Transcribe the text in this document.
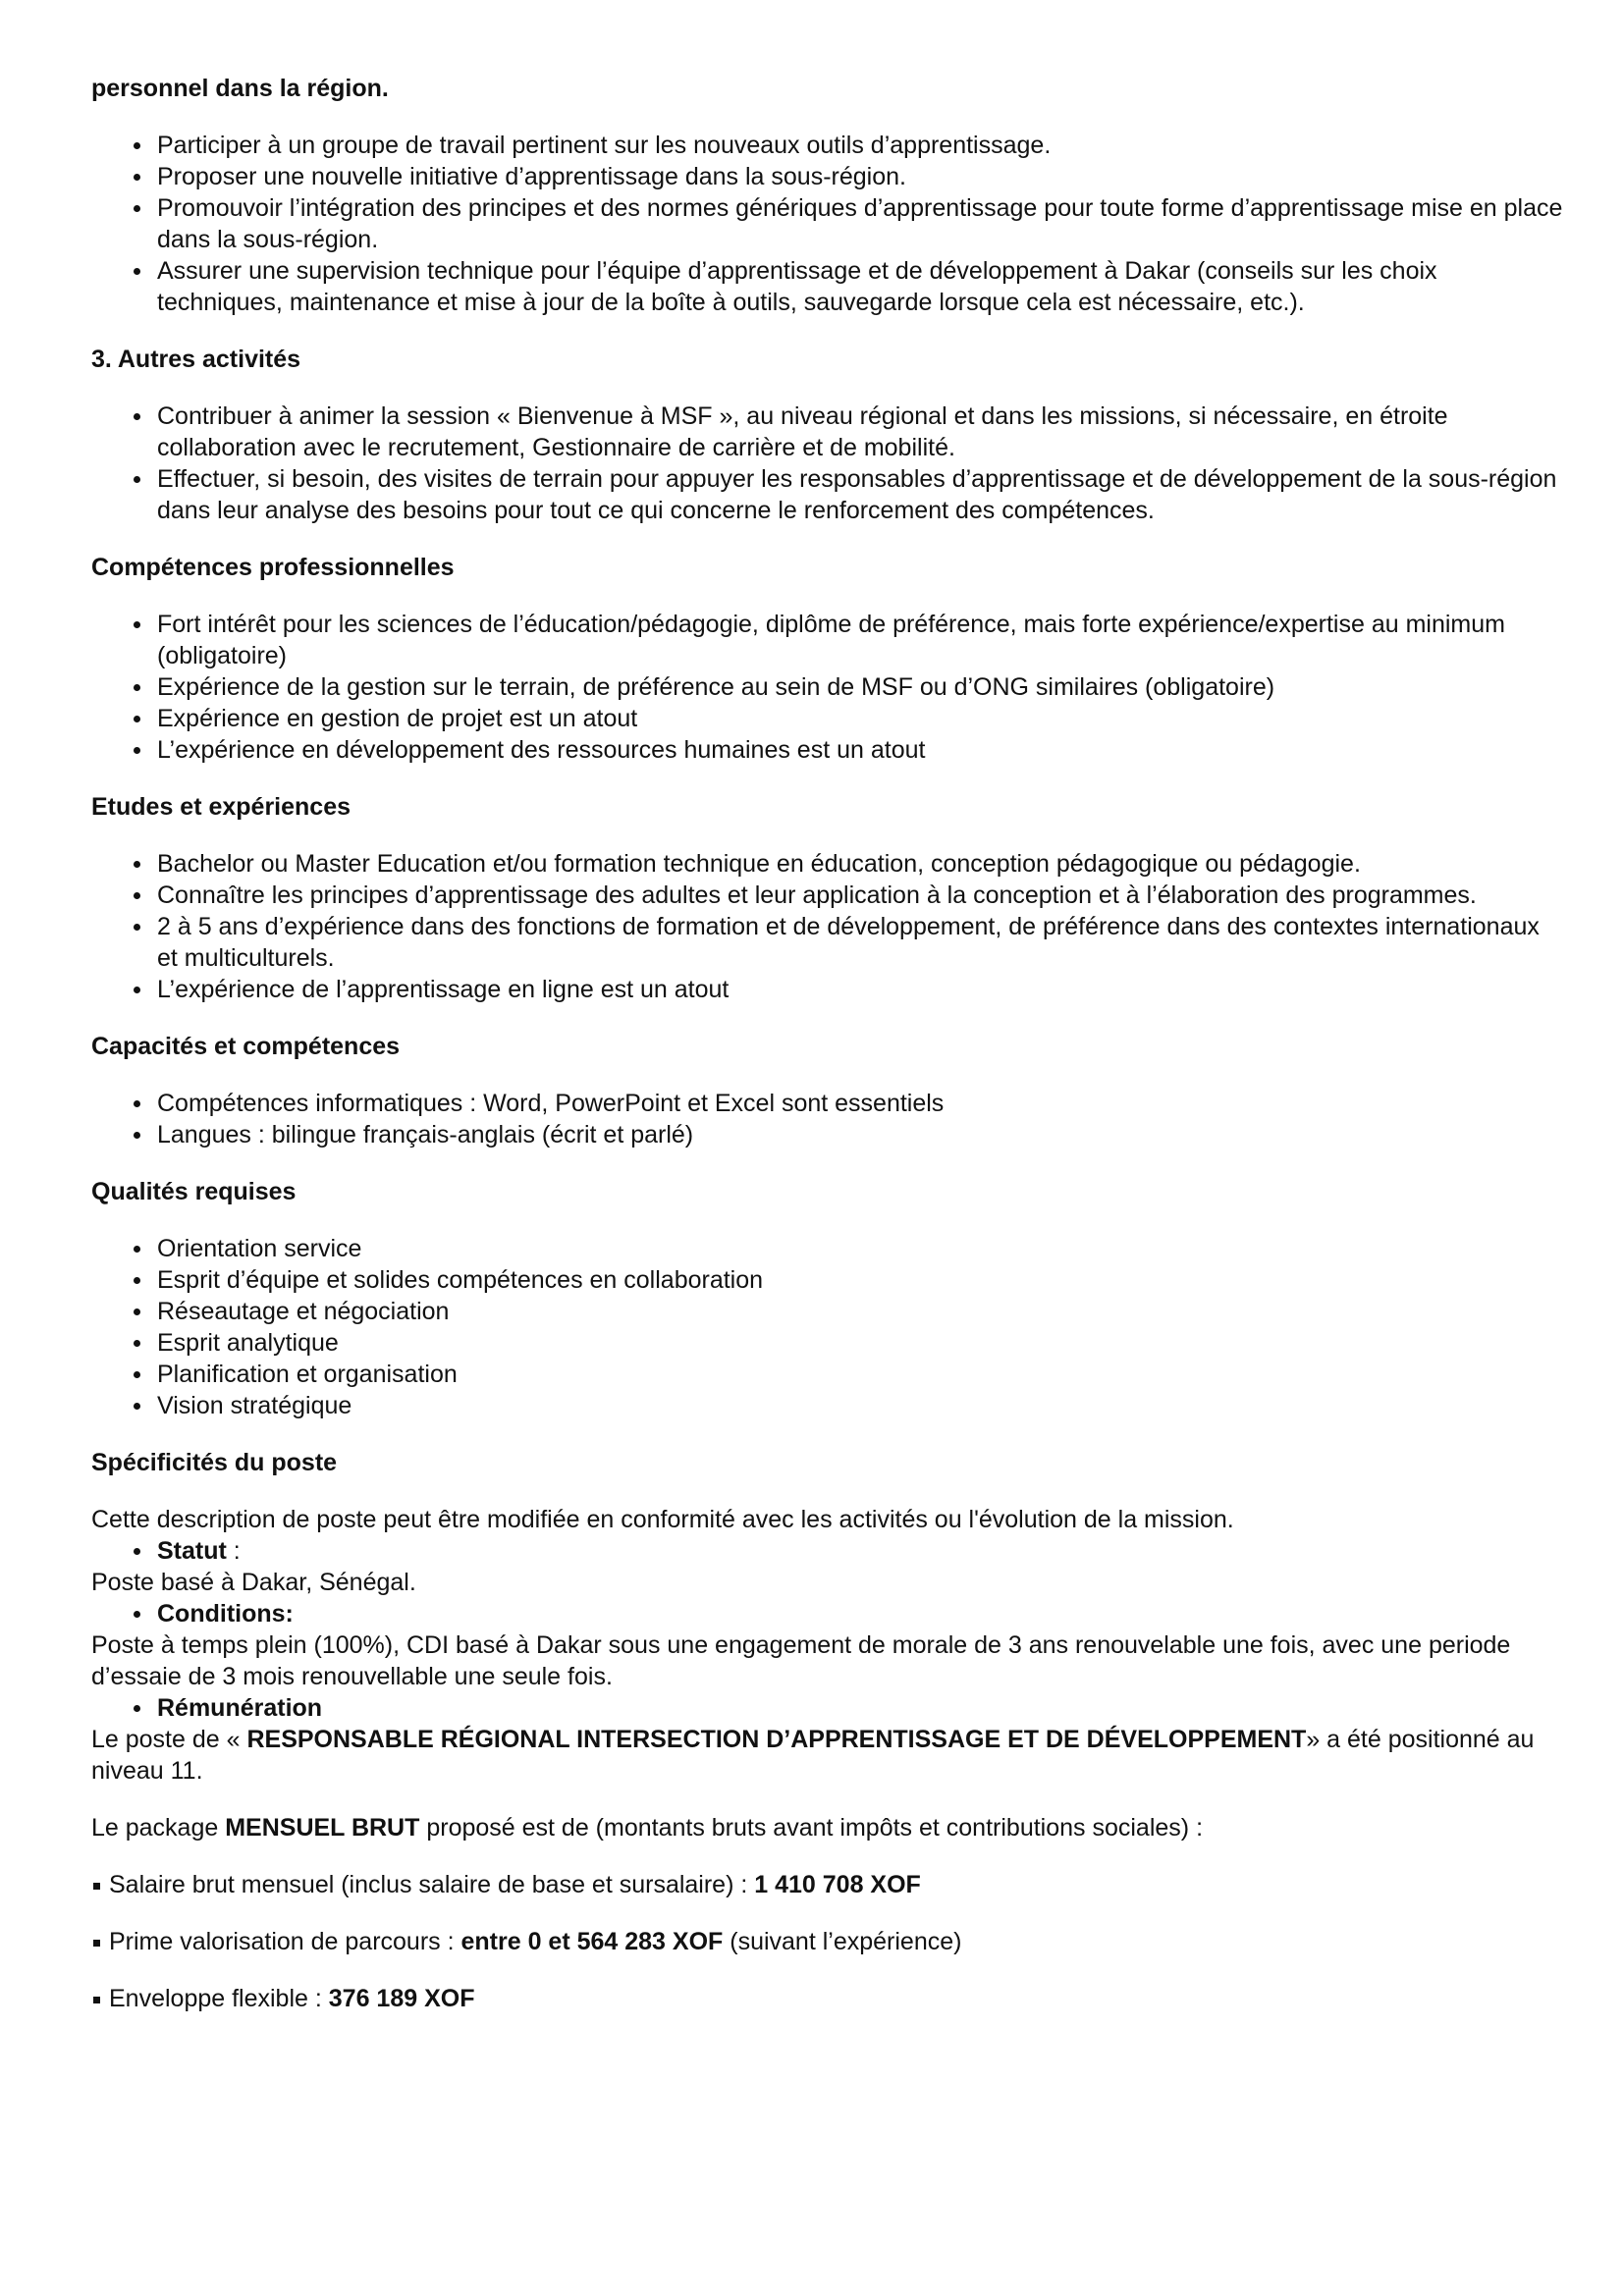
personnel dans la région.

Participer à un groupe de travail pertinent sur les nouveaux outils d’apprentissage.
Proposer une nouvelle initiative d’apprentissage dans la sous-région.
Promouvoir l’intégration des principes et des normes génériques d’apprentissage pour toute forme d’apprentissage mise en place dans la sous-région.
Assurer une supervision technique pour l’équipe d’apprentissage et de développement à Dakar (conseils sur les choix techniques, maintenance et mise à jour de la boîte à outils, sauvegarde lorsque cela est nécessaire, etc.).

3. Autres activités

Contribuer à animer la session « Bienvenue à MSF », au niveau régional et dans les missions, si nécessaire, en étroite collaboration avec le recrutement, Gestionnaire de carrière et de mobilité.
Effectuer, si besoin, des visites de terrain pour appuyer les responsables d’apprentissage et de développement de la sous-région dans leur analyse des besoins pour tout ce qui concerne le renforcement des compétences.

Compétences professionnelles

Fort intérêt pour les sciences de l’éducation/pédagogie, diplôme de préférence, mais forte expérience/expertise au minimum (obligatoire)
Expérience de la gestion sur le terrain, de préférence au sein de MSF ou d’ONG similaires (obligatoire)
Expérience en gestion de projet est un atout
L’expérience en développement des ressources humaines est un atout

Etudes et expériences

Bachelor ou Master Education et/ou formation technique en éducation, conception pédagogique ou pédagogie.
Connaître les principes d’apprentissage des adultes et leur application à la conception et à l’élaboration des programmes.
2 à 5 ans d’expérience dans des fonctions de formation et de développement, de préférence dans des contextes internationaux et multiculturels.
L’expérience de l’apprentissage en ligne est un atout

Capacités et compétences

Compétences informatiques : Word, PowerPoint et Excel sont essentiels
Langues : bilingue français-anglais (écrit et parlé)

Qualités requises

Orientation service
Esprit d’équipe et solides compétences en collaboration
Réseautage et négociation
Esprit analytique
Planification et organisation
Vision stratégique

Spécificités du poste

Cette description de poste peut être modifiée en conformité avec les activités ou l'évolution de la mission.

Statut :

Poste basé à Dakar, Sénégal.

Conditions:

Poste à temps plein (100%), CDI basé à Dakar sous une engagement de morale de 3 ans renouvelable une fois, avec une periode d’essaie de 3 mois renouvellable une seule fois.

Rémunération

Le poste de « RESPONSABLE RÉGIONAL INTERSECTION D’APPRENTISSAGE ET DE DÉVELOPPEMENT» a été positionné au niveau 11.

Le package MENSUEL BRUT proposé est de (montants bruts avant impôts et contributions sociales) :

Salaire brut mensuel (inclus salaire de base et sursalaire) : 1 410 708 XOF

Prime valorisation de parcours : entre 0 et 564 283 XOF (suivant l’expérience)

Enveloppe flexible : 376 189 XOF
